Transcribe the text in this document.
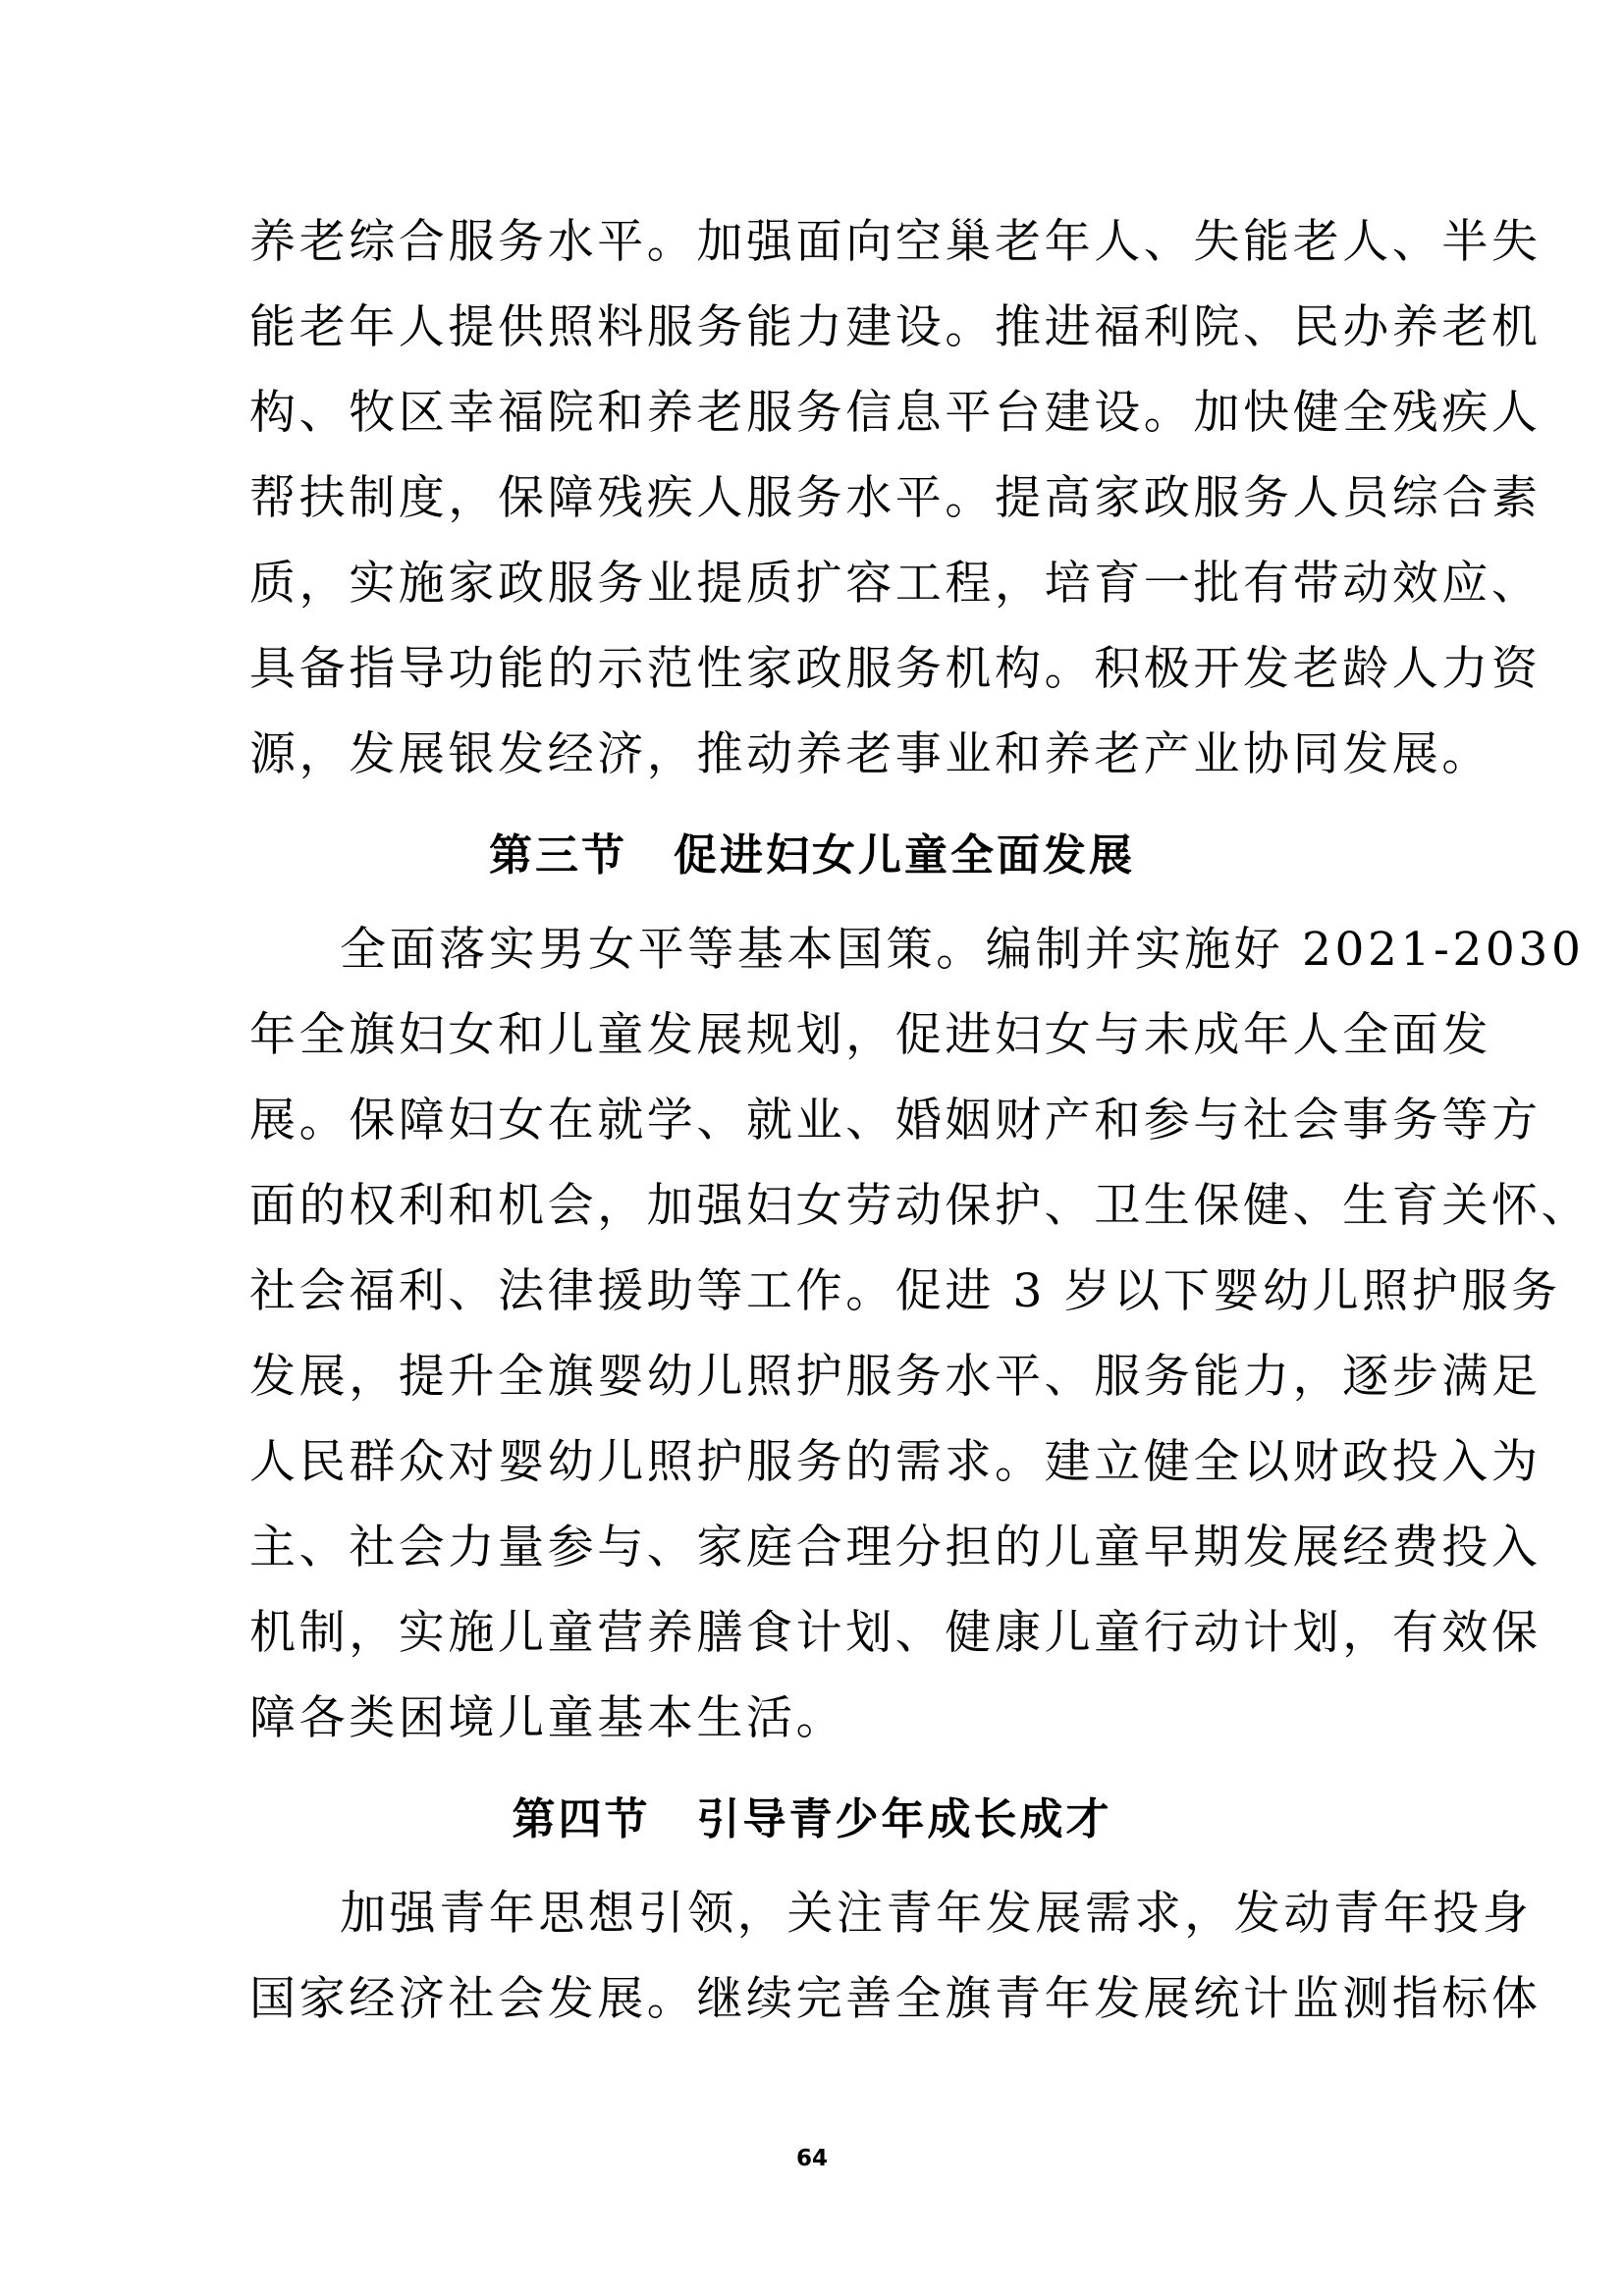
养老综合服务水平。加强面向空巢老年人、失能老人、半失
能老年人提供照料服务能力建设。推进福利院、民办养老机
构、牧区幸福院和养老服务信息平台建设。加快健全残疾人
帮扶制度，保障残疾人服务水平。提高家政服务人员综合素
质，实施家政服务业提质扩容工程，培育一批有带动效应、
具备指导功能的示范性家政服务机构。积极开发老龄人力资
源，发展银发经济，推动养老事业和养老产业协同发展。
第三节　促进妇女儿童全面发展
全面落实男女平等基本国策。编制并实施好 2021-2030
年全旗妇女和儿童发展规划，促进妇女与未成年人全面发
展。保障妇女在就学、就业、婚姻财产和参与社会事务等方
面的权利和机会，加强妇女劳动保护、卫生保健、生育关怀、
社会福利、法律援助等工作。促进 3 岁以下婴幼儿照护服务
发展，提升全旗婴幼儿照护服务水平、服务能力，逐步满足
人民群众对婴幼儿照护服务的需求。建立健全以财政投入为
主、社会力量参与、家庭合理分担的儿童早期发展经费投入
机制，实施儿童营养膳食计划、健康儿童行动计划，有效保
障各类困境儿童基本生活。
第四节　引导青少年成长成才
加强青年思想引领，关注青年发展需求，发动青年投身
国家经济社会发展。继续完善全旗青年发展统计监测指标体
64
